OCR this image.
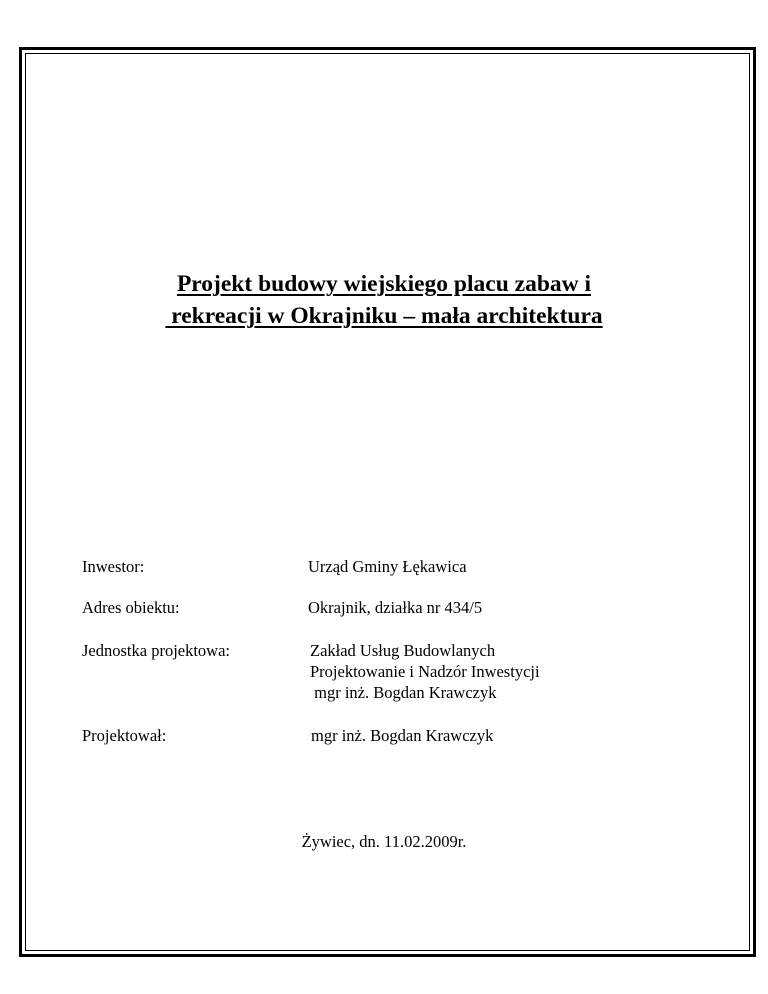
Projekt budowy wiejskiego placu zabaw i
rekreacji w Okrajniku – mała architektura
Inwestor:	Urząd Gminy Łękawica
Adres obiektu:	Okrajnik, działka nr 434/5
Jednostka projektowa:	Zakład Usług Budowlanych
Projektowanie i Nadzór Inwestycji
mgr inż. Bogdan Krawczyk
Projektował:	mgr inż. Bogdan Krawczyk
Żywiec, dn. 11.02.2009r.
